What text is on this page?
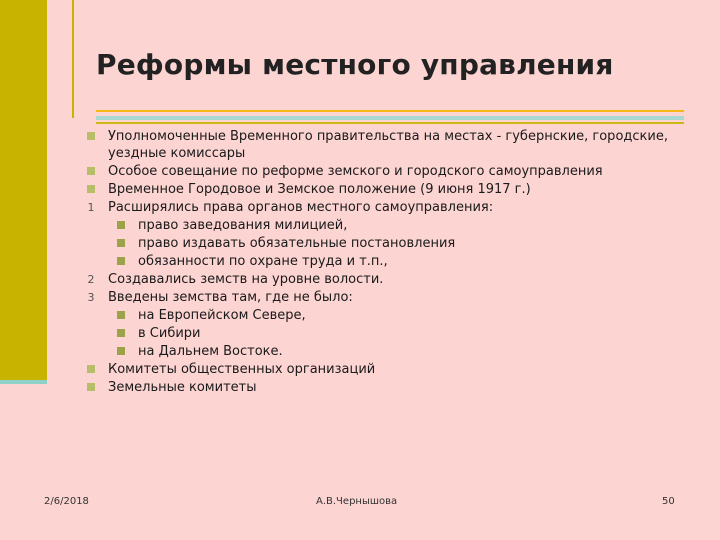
Реформы местного управления
Уполномоченные Временного правительства на местах - губернские, городские, уездные комиссары
Особое совещание по реформе земского и городского самоуправления
Временное Городовое и Земское положение (9 июня 1917 г.)
1 Расширялись права органов местного самоуправления:
право заведования милицией,
право издавать обязательные постановления
обязанности по охране труда и т.п.,
2 Создавались земств на уровне волости.
3 Введены земства там, где не было:
на Европейском Севере,
в Сибири
на Дальнем Востоке.
Комитеты общественных организаций
Земельные комитеты
2/6/2018	А.В.Чернышова	50
